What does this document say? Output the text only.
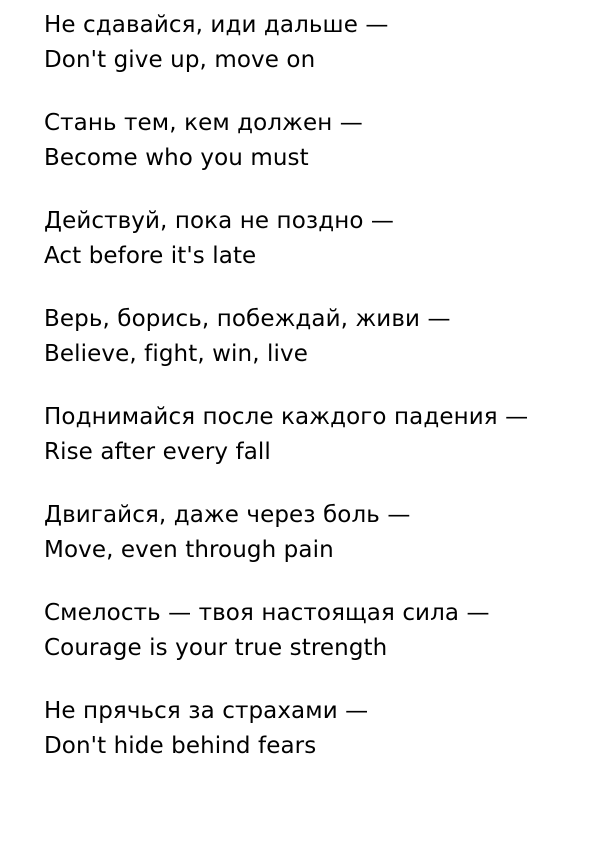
Не сдавайся, иди дальше —
Don't give up, move on
Стань тем, кем должен —
Become who you must
Действуй, пока не поздно —
Act before it's late
Верь, борись, побеждай, живи —
Believe, fight, win, live
Поднимайся после каждого падения —
Rise after every fall
Двигайся, даже через боль —
Move, even through pain
Смелость — твоя настоящая сила —
Courage is your true strength
Не прячься за страхами —
Don't hide behind fears
